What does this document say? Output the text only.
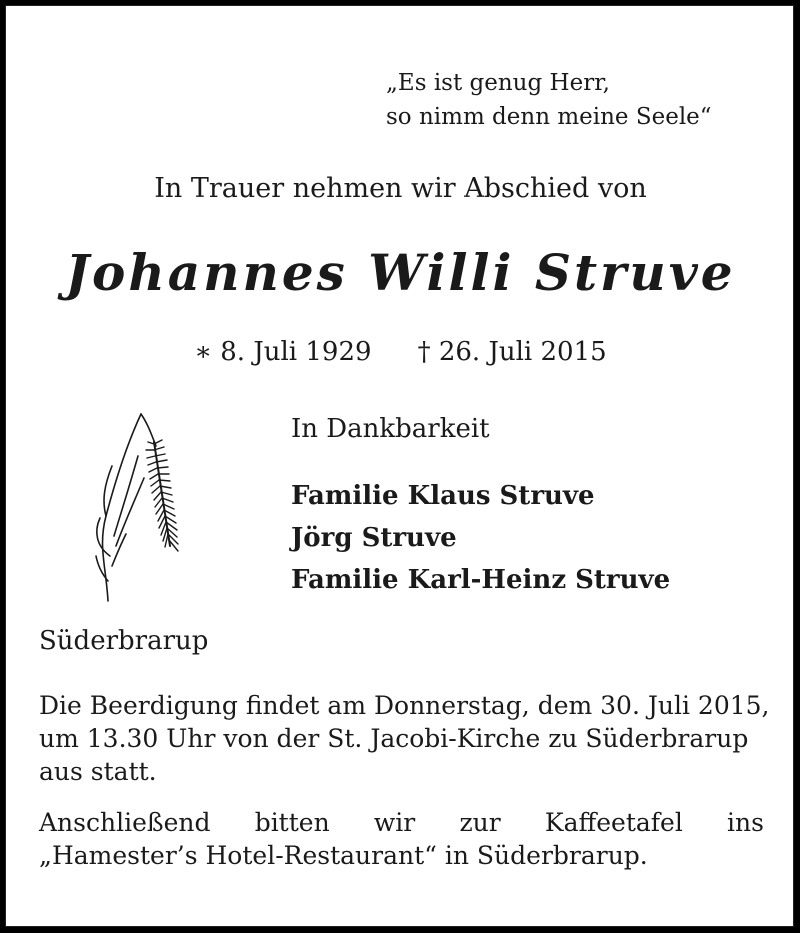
„Es ist genug Herr,
so nimm denn meine Seele“
In Trauer nehmen wir Abschied von
Johannes Willi Struve
∗ 8. Juli 1929 † 26. Juli 2015
In Dankbarkeit
Familie Klaus Struve
Jörg Struve
Familie Karl-Heinz Struve
Süderbrarup
Die Beerdigung findet am Donnerstag, dem 30. Juli 2015,
um 13.30 Uhr von der St. Jacobi-Kirche zu Süderbrarup
aus statt.
Anschließend bitten wir zur Kaffeetafel ins
„Hamester’s Hotel-Restaurant“ in Süderbrarup.
